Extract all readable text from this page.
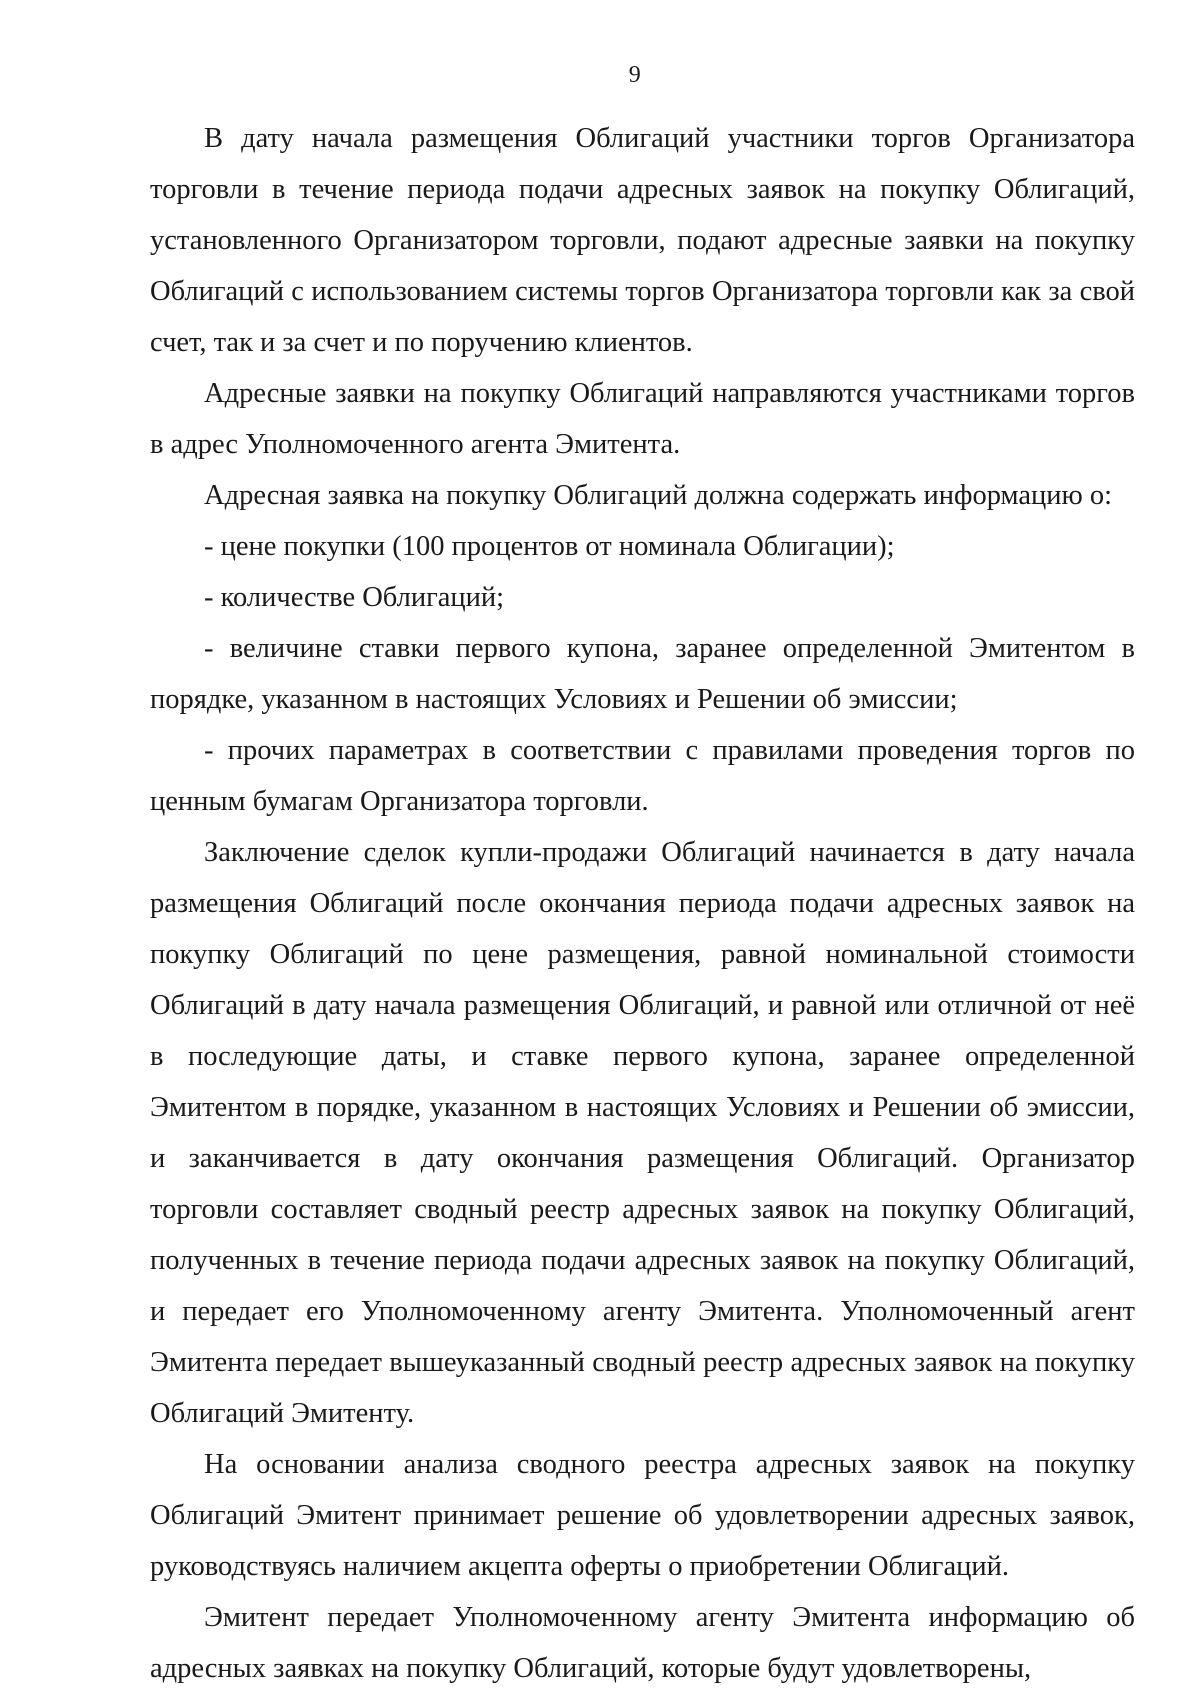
9

В дату начала размещения Облигаций участники торгов Организатора торговли в течение периода подачи адресных заявок на покупку Облигаций, установленного Организатором торговли, подают адресные заявки на покупку Облигаций с использованием системы торгов Организатора торговли как за свой счет, так и за счет и по поручению клиентов.

Адресные заявки на покупку Облигаций направляются участниками торгов в адрес Уполномоченного агента Эмитента.

Адресная заявка на покупку Облигаций должна содержать информацию о:

- цене покупки (100 процентов от номинала Облигации);

- количестве Облигаций;

- величине ставки первого купона, заранее определенной Эмитентом в порядке, указанном в настоящих Условиях и Решении об эмиссии;

- прочих параметрах в соответствии с правилами проведения торгов по ценным бумагам Организатора торговли.

Заключение сделок купли-продажи Облигаций начинается в дату начала размещения Облигаций после окончания периода подачи адресных заявок на покупку Облигаций по цене размещения, равной номинальной стоимости Облигаций в дату начала размещения Облигаций, и равной или отличной от неё в последующие даты, и ставке первого купона, заранее определенной Эмитентом в порядке, указанном в настоящих Условиях и Решении об эмиссии, и заканчивается в дату окончания размещения Облигаций. Организатор торговли составляет сводный реестр адресных заявок на покупку Облигаций, полученных в течение периода подачи адресных заявок на покупку Облигаций, и передает его Уполномоченному агенту Эмитента. Уполномоченный агент Эмитента передает вышеуказанный сводный реестр адресных заявок на покупку Облигаций Эмитенту.

На основании анализа сводного реестра адресных заявок на покупку Облигаций Эмитент принимает решение об удовлетворении адресных заявок, руководствуясь наличием акцепта оферты о приобретении Облигаций.

Эмитент передает Уполномоченному агенту Эмитента информацию об адресных заявках на покупку Облигаций, которые будут удовлетворены,
